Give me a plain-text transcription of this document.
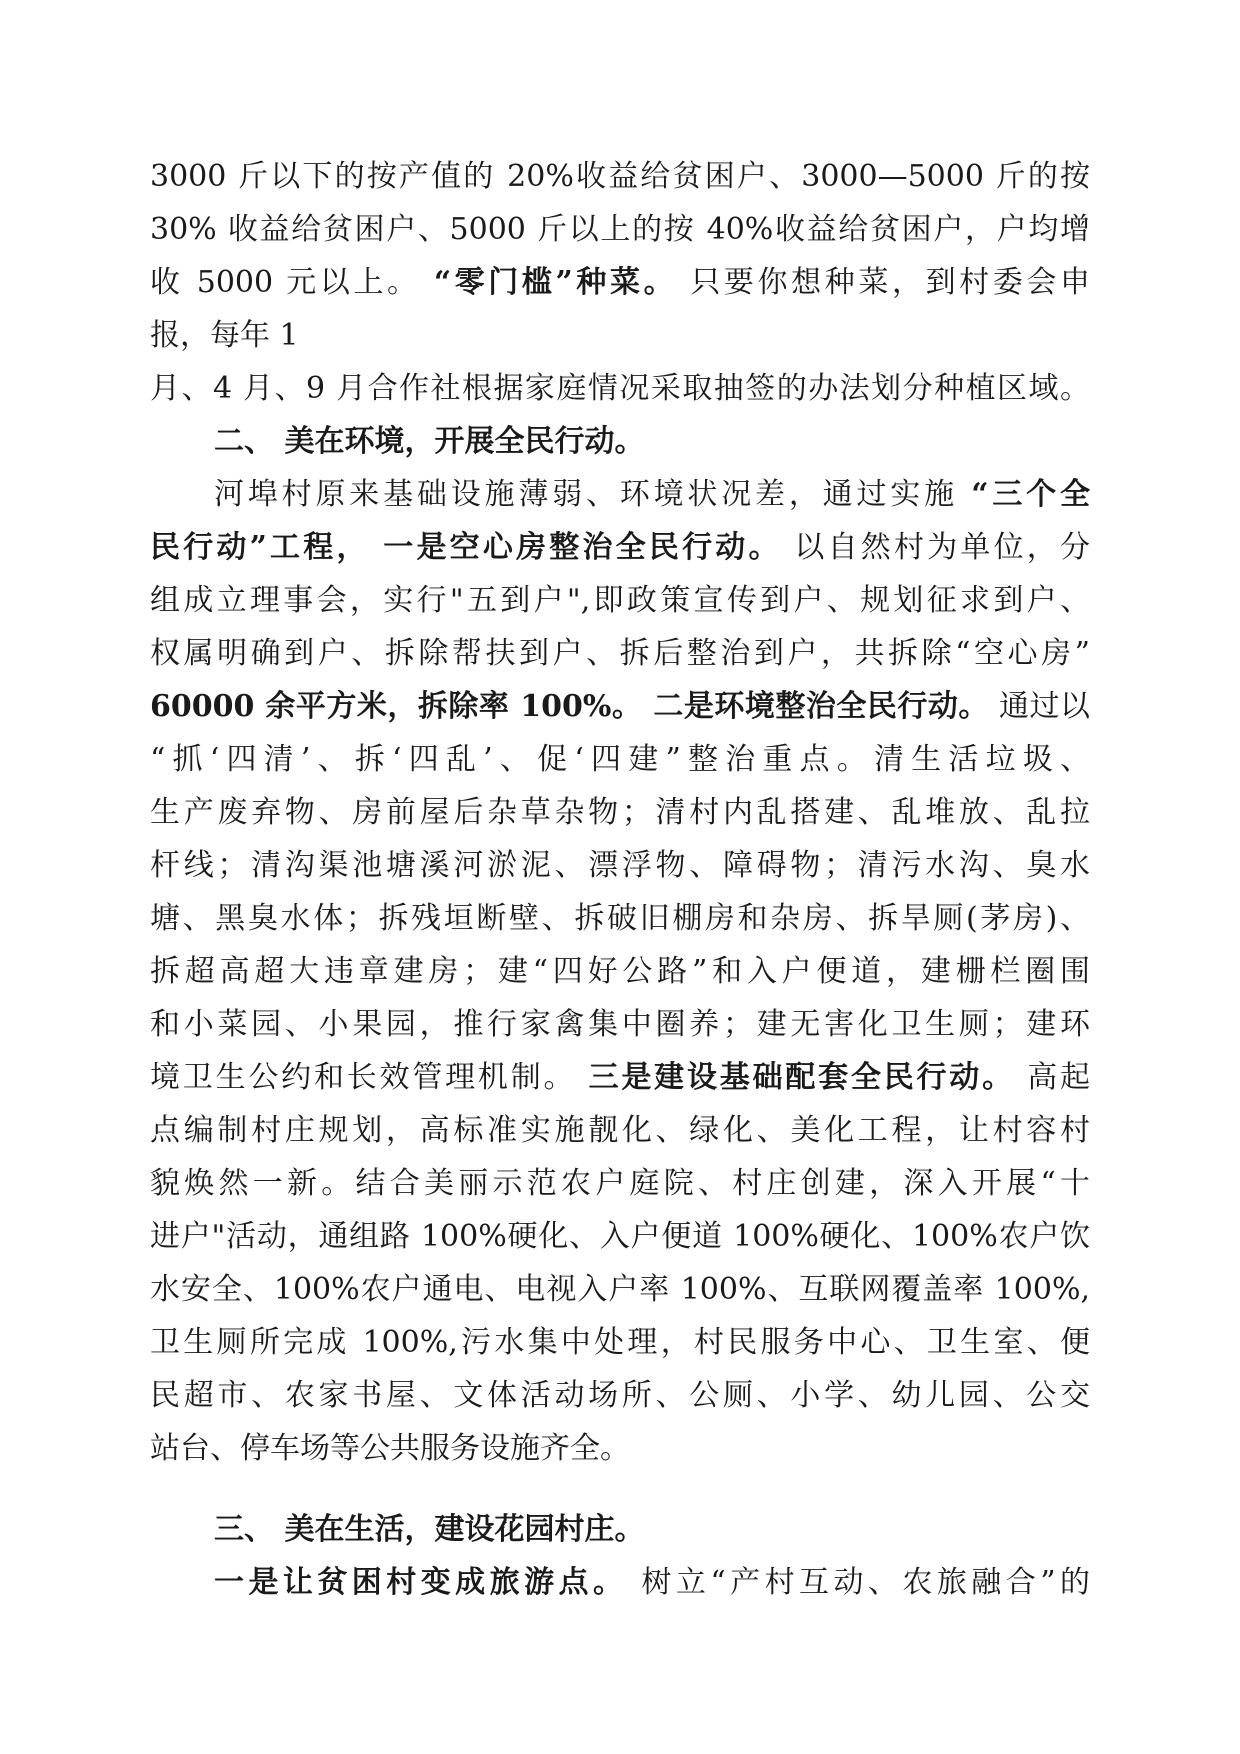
3000 斤以下的按产值的 20%收益给贫困户、3000—5000 斤的按
30% 收益给贫困户、5000 斤以上的按 40%收益给贫困户，户均增
收 5000 元以上。 “零门槛”种菜。 只要你想种菜，到村委会申
报，每年 1
月、4 月、9 月合作社根据家庭情况采取抽签的办法划分种植区域。
二、 美在环境，开展全民行动。
河埠村原来基础设施薄弱、环境状况差，通过实施 “三个全
民行动”工程， 一是空心房整治全民行动。 以自然村为单位，分
组成立理事会，实行"五到户",即政策宣传到户、规划征求到户、
权属明确到户、拆除帮扶到户、拆后整治到户，共拆除“空心房”
60000 余平方米，拆除率 100%。 二是环境整治全民行动。 通过以
“抓‘四清’、拆‘四乱’、促‘四建”整治重点。清生活垃圾、
生产废弃物、房前屋后杂草杂物；清村内乱搭建、乱堆放、乱拉
杆线；清沟渠池塘溪河淤泥、漂浮物、障碍物；清污水沟、臭水
塘、黑臭水体；拆残垣断壁、拆破旧棚房和杂房、拆旱厕(茅房)、
拆超高超大违章建房；建“四好公路”和入户便道，建栅栏圈围
和小菜园、小果园，推行家禽集中圈养；建无害化卫生厕；建环
境卫生公约和长效管理机制。 三是建设基础配套全民行动。 高起
点编制村庄规划，高标准实施靓化、绿化、美化工程，让村容村
貌焕然一新。结合美丽示范农户庭院、村庄创建，深入开展“十
进户"活动，通组路 100%硬化、入户便道 100%硬化、100%农户饮
水安全、100%农户通电、电视入户率 100%、互联网覆盖率 100%,
卫生厕所完成 100%,污水集中处理，村民服务中心、卫生室、便
民超市、农家书屋、文体活动场所、公厕、小学、幼儿园、公交
站台、停车场等公共服务设施齐全。
三、 美在生活，建设花园村庄。
一是让贫困村变成旅游点。 树立“产村互动、农旅融合”的
